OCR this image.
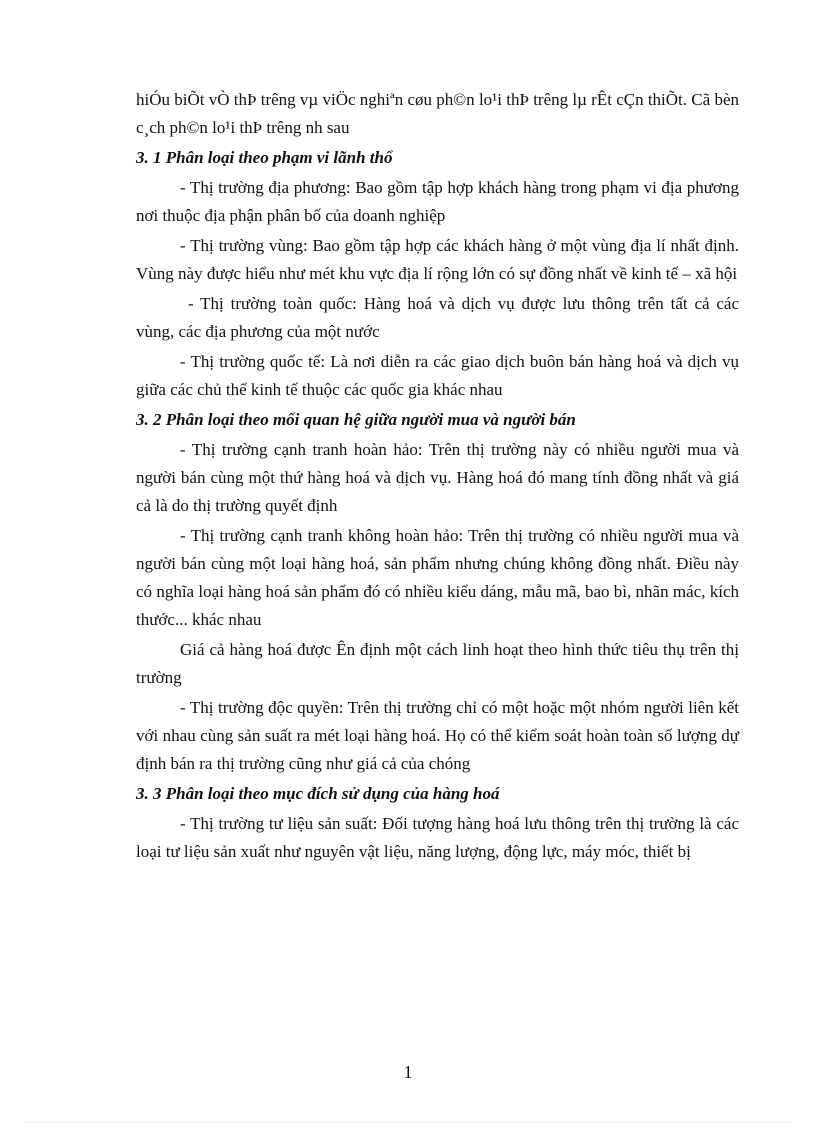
hiÓu biÕt vÒ thÞ trêng vµ viÖc nghiªn cøu ph©n lo¹i thÞ trêng lµ rÊt cÇn thiÕt. Cã bèn c¸ch ph©n lo¹i thÞ trêng nh sau

3. 1 Phân loại theo phạm vi lãnh thổ

- Thị trường địa phương: Bao gồm tập hợp khách hàng trong phạm vi địa phương nơi thuộc địa phận phân bố của doanh nghiệp

- Thị trường vùng: Bao gồm tập hợp các khách hàng ở một vùng địa lí nhất định. Vùng này được hiểu như mét khu vực địa lí rộng lớn có sự đồng nhất về kinh tế – xã hội

- Thị trường toàn quốc: Hàng hoá và dịch vụ được lưu thông trên tất cả các vùng, các địa phương của một nước

- Thị trường quốc tế: Là nơi diễn ra các giao dịch buôn bán hàng hoá và dịch vụ giữa các chủ thể kinh tế thuộc các quốc gia khác nhau

3. 2 Phân loại theo mối quan hệ giữa người mua và người bán

- Thị trường cạnh tranh hoàn hảo: Trên thị trường này có nhiều người mua và người bán cùng một thứ hàng hoá và dịch vụ. Hàng hoá đó mang tính đồng nhất và giá cả là do thị trường quyết định

- Thị trường cạnh tranh không hoàn hảo: Trên thị trường có nhiều người mua và người bán cùng một loại hàng hoá, sản phẩm nhưng chúng không đồng nhất. Điều này có nghĩa loại hàng hoá sản phẩm đó có nhiều kiểu dáng, mẫu mã, bao bì, nhãn mác, kích thước... khác nhau

Giá cả hàng hoá được Ên định một cách linh hoạt theo hình thức tiêu thụ trên thị trường

- Thị trường độc quyền: Trên thị trường chỉ có một hoặc một nhóm người liên kết với nhau cùng sản suất ra mét loại hàng hoá. Họ có thể kiểm soát hoàn toàn số lượng dự định bán ra thị trường cũng như giá cả của chóng

3. 3 Phân loại theo mục đích sử dụng của hàng hoá

- Thị trường tư liệu sản suất: Đối tượng hàng hoá lưu thông trên thị trường là các loại tư liệu sản xuất như nguyên vật liệu, năng lượng, động lực, máy móc, thiết bị

1
